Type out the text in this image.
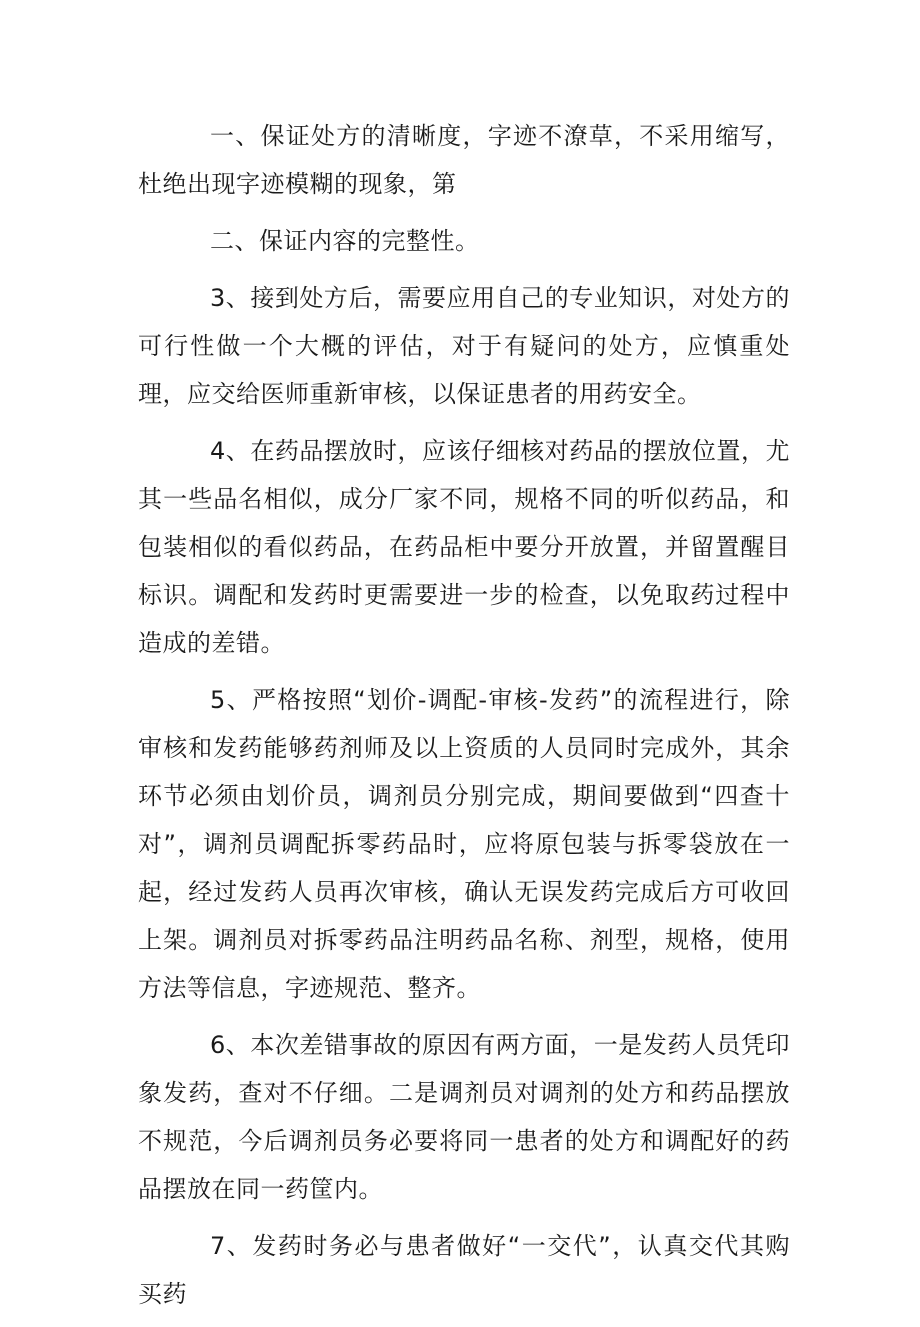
一、保证处方的清晰度，字迹不潦草，不采用缩写，杜绝出现字迹模糊的现象，第

二、保证内容的完整性。

3、接到处方后，需要应用自己的专业知识，对处方的可行性做一个大概的评估，对于有疑问的处方，应慎重处理，应交给医师重新审核，以保证患者的用药安全。

4、在药品摆放时，应该仔细核对药品的摆放位置，尤其一些品名相似，成分厂家不同，规格不同的听似药品，和包装相似的看似药品，在药品柜中要分开放置，并留置醒目标识。调配和发药时更需要进一步的检查，以免取药过程中造成的差错。

5、严格按照“划价-调配-审核-发药”的流程进行，除审核和发药能够药剂师及以上资质的人员同时完成外，其余环节必须由划价员，调剂员分别完成，期间要做到“四查十对”，调剂员调配拆零药品时，应将原包装与拆零袋放在一起，经过发药人员再次审核，确认无误发药完成后方可收回上架。调剂员对拆零药品注明药品名称、剂型，规格，使用方法等信息，字迹规范、整齐。

6、本次差错事故的原因有两方面，一是发药人员凭印象发药，查对不仔细。二是调剂员对调剂的处方和药品摆放不规范，今后调剂员务必要将同一患者的处方和调配好的药品摆放在同一药筐内。

7、发药时务必与患者做好“一交代”，认真交代其购买药
